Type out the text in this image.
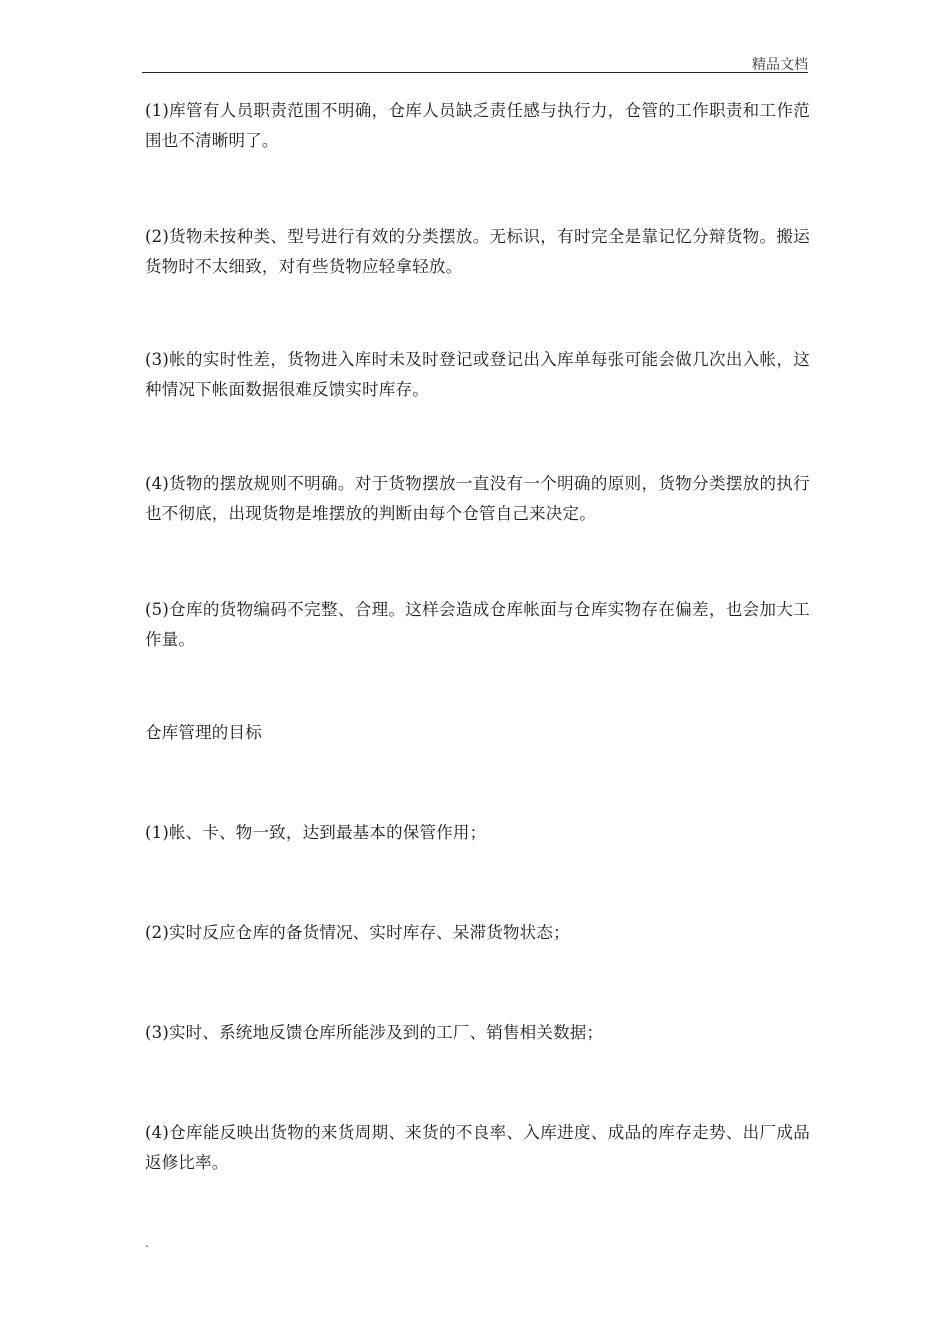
精品文档

(1)库管有人员职责范围不明确，仓库人员缺乏责任感与执行力，仓管的工作职责和工作范围也不清晰明了。

(2)货物未按种类、型号进行有效的分类摆放。无标识，有时完全是靠记忆分辩货物。搬运货物时不太细致，对有些货物应轻拿轻放。

(3)帐的实时性差，货物进入库时未及时登记或登记出入库单每张可能会做几次出入帐，这种情况下帐面数据很难反馈实时库存。

(4)货物的摆放规则不明确。对于货物摆放一直没有一个明确的原则，货物分类摆放的执行也不彻底，出现货物是堆摆放的判断由每个仓管自己来决定。

(5)仓库的货物编码不完整、合理。这样会造成仓库帐面与仓库实物存在偏差，也会加大工作量。

仓库管理的目标

(1)帐、卡、物一致，达到最基本的保管作用；

(2)实时反应仓库的备货情况、实时库存、呆滞货物状态；

(3)实时、系统地反馈仓库所能涉及到的工厂、销售相关数据；

(4)仓库能反映出货物的来货周期、来货的不良率、入库进度、成品的库存走势、出厂成品返修比率。

.
